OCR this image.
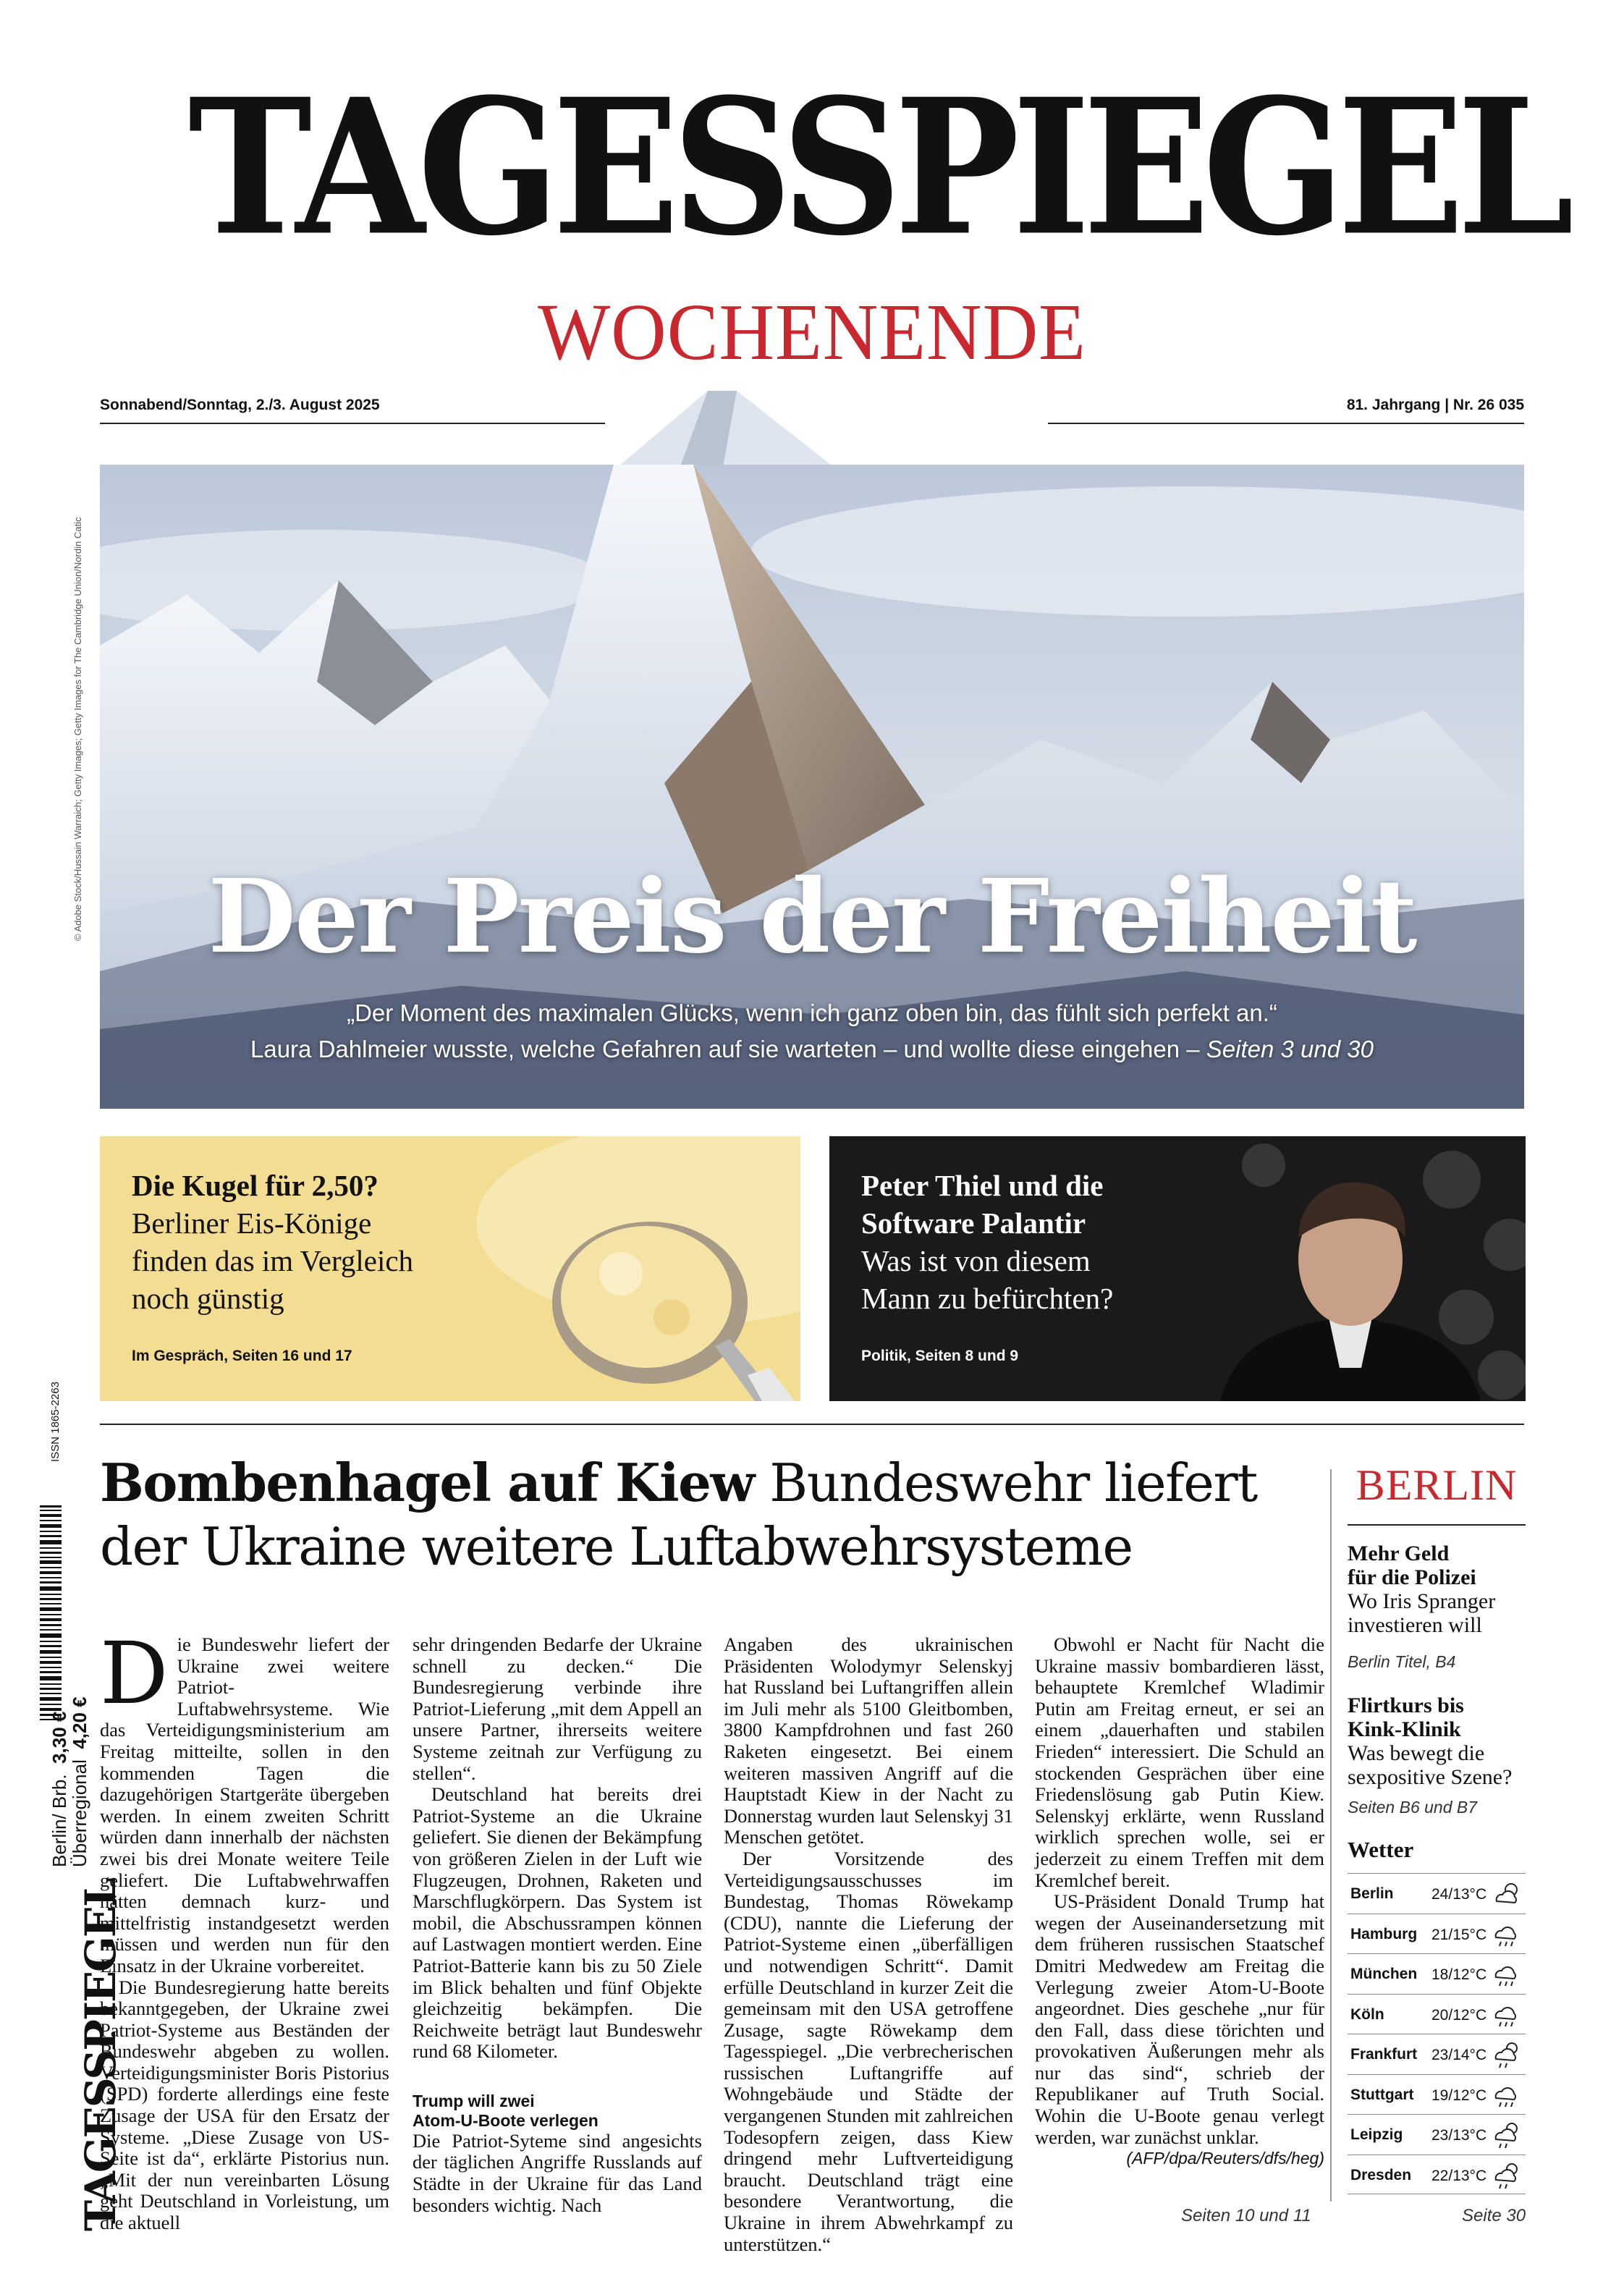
TAGESSPIEGEL
WOCHENENDE
Sonnabend/Sonntag, 2./3. August 2025	81. Jahrgang | Nr. 26 035
Der Preis der Freiheit
„Der Moment des maximalen Glücks, wenn ich ganz oben bin, das fühlt sich perfekt an.“
Laura Dahlmeier wusste, welche Gefahren auf sie warteten – und wollte diese eingehen – Seiten 3 und 30
© Adobe Stock/Hussain Warraich; Getty Images; Getty Images for The Cambridge Union/Nordin Catic
Die Kugel für 2,50?
Berliner Eis-Könige
finden das im Vergleich
noch günstig
Im Gespräch, Seiten 16 und 17
Peter Thiel und die
Software Palantir
Was ist von diesem
Mann zu befürchten?
Politik, Seiten 8 und 9
Bombenhagel auf Kiew Bundeswehr liefert
der Ukraine weitere Luftabwehrsysteme
D ie Bundeswehr liefert der Ukraine zwei weitere Patriot-Luftabwehrsysteme. Wie das Verteidigungsministerium am Freitag mitteilte, sollen in den kommenden Tagen die dazugehörigen Startgeräte übergeben werden. In einem zweiten Schritt würden dann innerhalb der nächsten zwei bis drei Monate weitere Teile geliefert. Die Luftabwehrwaffen hätten demnach kurz- und mittelfristig instandgesetzt werden müssen und werden nun für den Einsatz in der Ukraine vorbereitet.

Die Bundesregierung hatte bereits bekanntgegeben, der Ukraine zwei Patriot-Systeme aus Beständen der Bundeswehr abgeben zu wollen. Verteidigungsminister Boris Pistorius (SPD) forderte allerdings eine feste Zusage der USA für den Ersatz der Systeme. „Diese Zusage von US-Seite ist da“, erklärte Pistorius nun. „Mit der nun vereinbarten Lösung geht Deutschland in Vorleistung, um die aktuell

sehr dringenden Bedarfe der Ukraine schnell zu decken.“ Die Bundesregierung verbinde ihre Patriot-Lieferung „mit dem Appell an unsere Partner, ihrerseits weitere Systeme zeitnah zur Verfügung zu stellen“.

Deutschland hat bereits drei Patriot-Systeme an die Ukraine geliefert. Sie dienen der Bekämpfung von größeren Zielen in der Luft wie Flugzeugen, Drohnen, Raketen und Marschflugkörpern. Das System ist mobil, die Abschussrampen können auf Lastwagen montiert werden. Eine Patriot-Batterie kann bis zu 50 Ziele im Blick behalten und fünf Objekte gleichzeitig bekämpfen. Die Reichweite beträgt laut Bundeswehr rund 68 Kilometer.

Trump will zwei
Atom-U-Boote verlegen

Die Patriot-Syteme sind angesichts der täglichen Angriffe Russlands auf Städte in der Ukraine für das Land besonders wichtig. Nach

Angaben des ukrainischen Präsidenten Wolodymyr Selenskyj hat Russland bei Luftangriffen allein im Juli mehr als 5100 Gleitbomben, 3800 Kampfdrohnen und fast 260 Raketen eingesetzt. Bei einem weiteren massiven Angriff auf die Hauptstadt Kiew in der Nacht zu Donnerstag wurden laut Selenskyj 31 Menschen getötet.

Der Vorsitzende des Verteidigungsausschusses im Bundestag, Thomas Röwekamp (CDU), nannte die Lieferung der Patriot-Systeme einen „überfälligen und notwendigen Schritt“. Damit erfülle Deutschland in kurzer Zeit die gemeinsam mit den USA getroffene Zusage, sagte Röwekamp dem Tagesspiegel. „Die verbrecherischen russischen Luftangriffe auf Wohngebäude und Städte der vergangenen Stunden mit zahlreichen Todesopfern zeigen, dass Kiew dringend mehr Luftverteidigung braucht. Deutschland trägt eine besondere Verantwortung, die Ukraine in ihrem Abwehrkampf zu unterstützen.“

Obwohl er Nacht für Nacht die Ukraine massiv bombardieren lässt, behauptete Kremlchef Wladimir Putin am Freitag erneut, er sei an einem „dauerhaften und stabilen Frieden“ interessiert. Die Schuld an stockenden Gesprächen über eine Friedenslösung gab Putin Kiew. Selenskyj erklärte, wenn Russland wirklich sprechen wolle, sei er jederzeit zu einem Treffen mit dem Kremlchef bereit.

US-Präsident Donald Trump hat wegen der Auseinandersetzung mit dem früheren russischen Staatschef Dmitri Medwedew am Freitag die Verlegung zweier Atom-U-Boote angeordnet. Dies geschehe „nur für den Fall, dass diese törichten und provokativen Äußerungen mehr als nur das sind“, schrieb der Republikaner auf Truth Social. Wohin die U-Boote genau verlegt werden, war zunächst unklar.

(AFP/dpa/Reuters/dfs/heg)

Seiten 10 und 11
BERLIN
Mehr Geld
für die Polizei
Wo Iris Spranger
investieren will
Berlin Titel, B4
Flirtkurs bis
Kink-Klinik
Was bewegt die
sexpositive Szene?
Seiten B6 und B7
Wetter
Berlin 24/13°C
Hamburg 21/15°C
München 18/12°C
Köln	20/12°C
Frankfurt 23/14°C
Stuttgart 19/12°C
Leipzig 23/13°C
Dresden 22/13°C
Seite 30
ISSN 1865-2263
Berlin/ Brb.  3,30 €
Überregional  4,20 €
TAGESSPIEGEL
